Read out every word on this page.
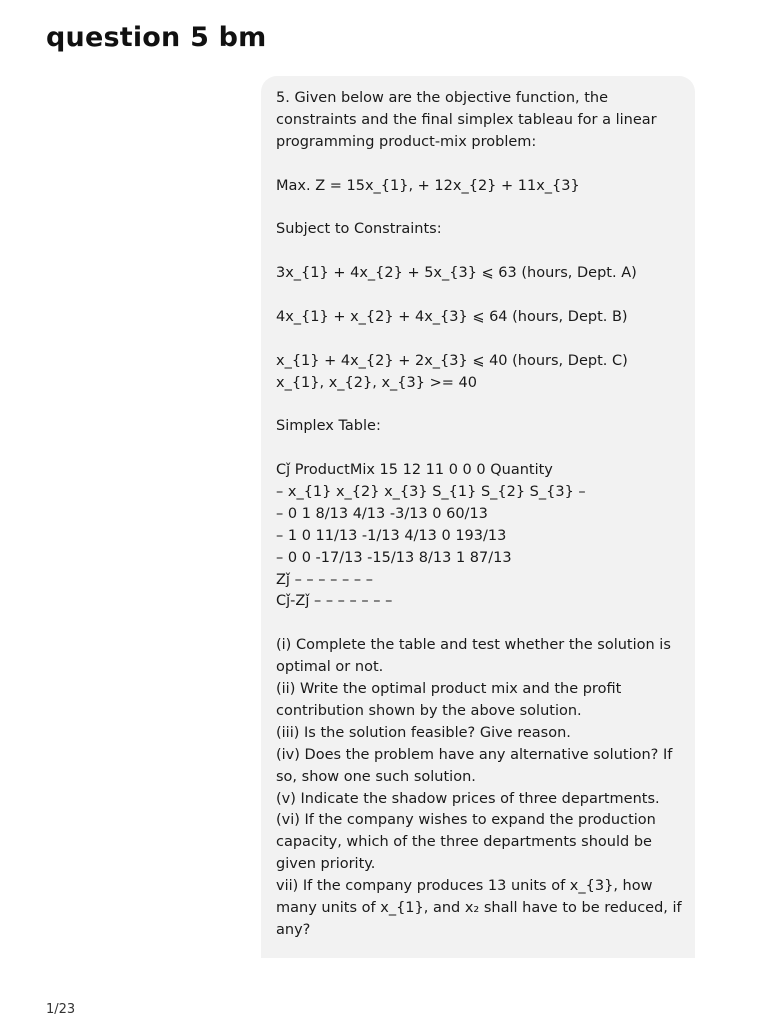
question 5 bm
5. Given below are the objective function, the
constraints and the final simplex tableau for a linear
programming product-mix problem:
Max. Z = 15x_{1}, + 12x_{2} + 11x_{3}
Subject to Constraints:
3x_{1} + 4x_{2} + 5x_{3} ⩽ 63 (hours, Dept. A)
4x_{1} + x_{2} + 4x_{3} ⩽ 64 (hours, Dept. B)
x_{1} + 4x_{2} + 2x_{3} ⩽ 40 (hours, Dept. C)
x_{1}, x_{2}, x_{3} >= 40
Simplex Table:
Cǰ ProductMix 15 12 11 0 0 0 Quantity
– x_{1} x_{2} x_{3} S_{1} S_{2} S_{3} –
– 0 1 8/13 4/13 -3/13 0 60/13
– 1 0 11/13 -1/13 4/13 0 193/13
– 0 0 -17/13 -15/13 8/13 1 87/13
Zǰ – – – – – – –
Cǰ-Zǰ – – – – – – –
(i) Complete the table and test whether the solution is
optimal or not.
(ii) Write the optimal product mix and the profit
contribution shown by the above solution.
(iii) Is the solution feasible? Give reason.
(iv) Does the problem have any alternative solution? If
so, show one such solution.
(v) Indicate the shadow prices of three departments.
(vi) If the company wishes to expand the production
capacity, which of the three departments should be
given priority.
vii) If the company produces 13 units of x_{3}, how
many units of x_{1}, and x₂ shall have to be reduced, if
any?
1/23
